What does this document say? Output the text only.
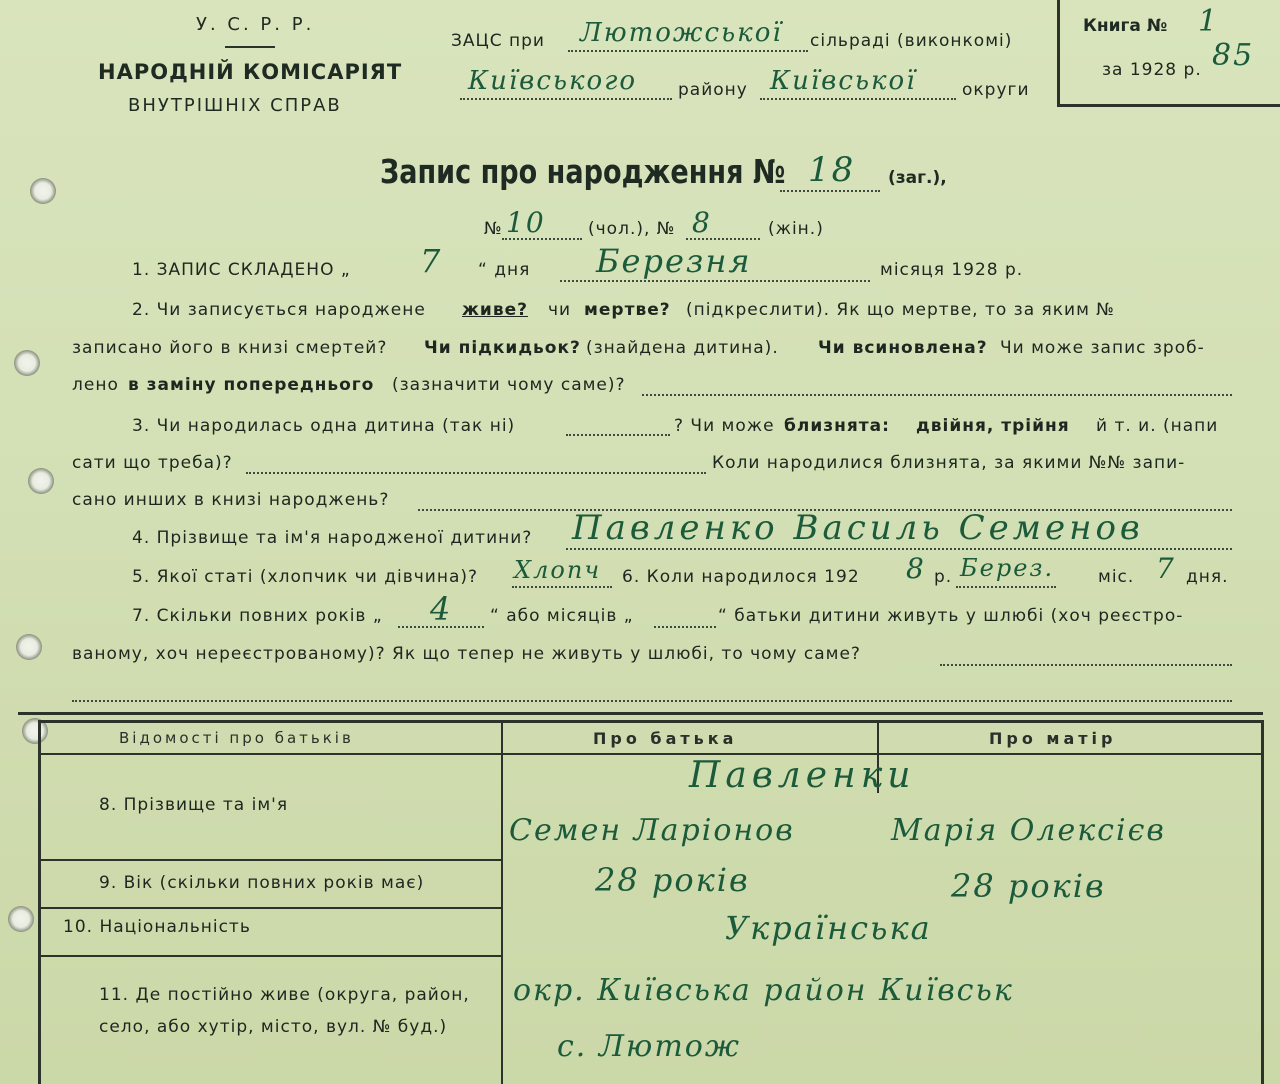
У. С. Р. Р.
НАРОДНІЙ КОМІСАРІЯТ
ВНУТРІШНІХ СПРАВ
ЗАЦС при Лютожської сільраді (виконкомі)
Київського району Київської	округи
Книга № 1
за 1928 р. 85
Запис про народження № 18 (заг.),
№ 10 (чол.), № 8	(жін.)
1. ЗАПИС СКЛАДЕНО „ 7 “ дня Березня	місяця 1928 р.
2. Чи записується народжене живе? чи мертве? (підкреслити). Як що мертве, то за яким №
записано його в книзі смертей? Чи підкидьок? (знайдена дитина). Чи всиновлена? Чи може запис зроб-
лено в заміну попереднього (зазначити чому саме)?
3. Чи народилась одна дитина (так ні)	? Чи може близнята: двійня, трійня й т. и. (напи
сати що треба)?	Коли народилися близнята, за якими №№ запи-
сано инших в книзі народжень?
4. Прізвище та ім'я народженої дитини? Павленко Василь Семенов
5. Якої статі (хлопчик чи дівчина)? Хлопч 6. Коли народилося 192 8 р. Берез.	міс. 7 дня.
7. Скільки повних років „ 4 “ або місяців „	“ батьки дитини живуть у шлюбі (хоч реєстро-
ваному, хоч нереєстрованому)? Як що тепер не живуть у шлюбі, то чому саме?
Відомості про батьків	Про батька	Про матір
8. Прізвище та ім'я
Павленки
Семен Ларіонов	Марія Олексієв
9. Вік (скільки повних років має)	28 років	28 років
10. Національність	Українська
11. Де постійно живе (округа, район,
село, або хутір, місто, вул. № буд.)
окр. Київська район Київськ
с. Лютож
